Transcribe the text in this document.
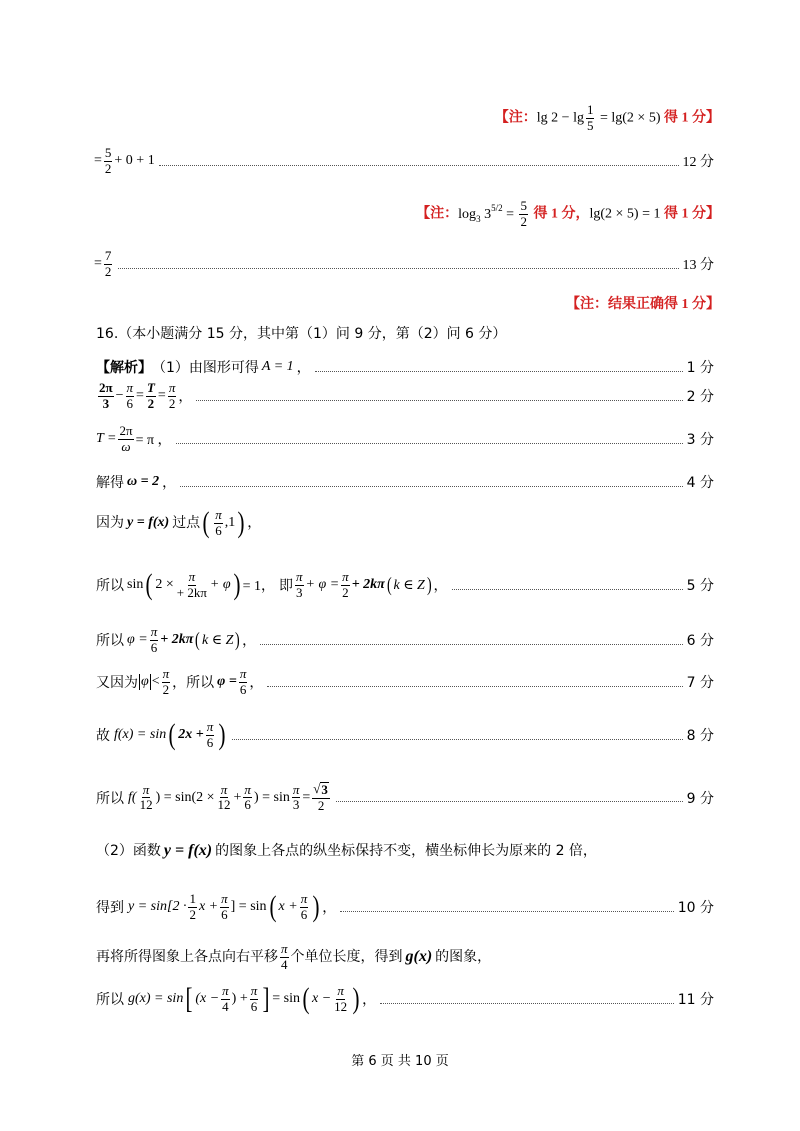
【注：$\lg 2 - \lg \frac{1}{5} = \lg(2 \times 5)$ 得 1 分】
= $\frac{5}{2} + 0 + 1$	12 分
【注：$\log_3 3^{5/2} = \frac{5}{2}$ 得 1 分，lg(2 × 5) = 1 得 1 分】
= $\frac{7}{2}$	13 分
【注：结果正确得 1 分】
16.（本小题满分 15 分，其中第（1）问 9 分，第（2）问 6 分）
【解析】 （1）由图形可得 A = 1 ，	1 分
$\frac{2\pi}{3} - \frac{\pi}{6} = \frac{T}{2} = \frac{\pi}{2}$ ，	2 分
$T = \frac{2\pi}{\omega} = \pi$ ，	3 分
解得 ω = 2 ，	4 分
因为 y = f(x) 过点 ( $\frac{\pi}{6} ,1$ ) ，
所以 sin ( $2 \times \frac{\pi}{+ 2k\pi} + \varphi$ ) = 1， 即 $\frac{\pi}{3} + \varphi = \frac{\pi}{2} + 2k\pi$ ( k ∈ Z ) ，	5 分
所以 $\varphi = \frac{\pi}{6} + 2k\pi$ ( k ∈ Z ) ，	6 分
又因为 $\varphi < \frac{\pi}{2}$ ，所以 $\varphi = \frac{\pi}{6}$ ，	7 分
故 f(x) = sin ( $2x + \frac{\pi}{6}$ )	8 分
所以 $f( \frac{\pi}{12}$ ) = $\sin(2 \times \frac{\pi}{12} + \frac{\pi}{6}$ ) = $\sin \frac{\pi}{3} = \frac{√ 3}{2}$	9 分
（2）函数 y = f(x) 的图象上各点的纵坐标保持不变，横坐标伸长为原来的 2 倍，
得到 $y = \sin[2 \cdot \frac{1}{2}$ $x + \frac{\pi}{6}$ ] = sin ( $x + \frac{\pi}{6}$ ) ，	10 分
再将所得图象上各点向右平移 $\frac{\pi}{4}$ 个单位长度，得到 g(x) 的图象，
所以 g(x) = sin [ ($x - \frac{\pi}{4}$ ) + $\frac{\pi}{6}$ ] = sin ( $x - \frac{\pi}{12}$ ) ，	11 分
第 6 页 共 10 页
